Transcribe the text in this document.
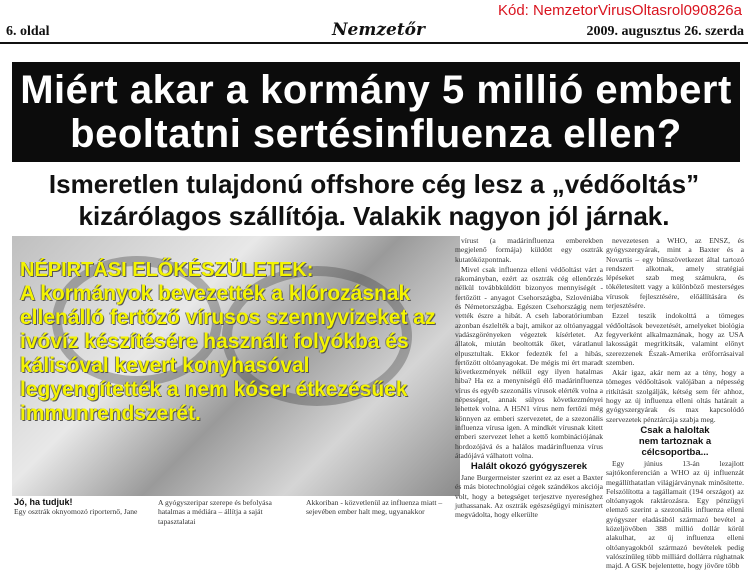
6. oldal	Nemzetőr	2009. augusztus 26. szerda
Kód: NemzetorVirusOltasrol090826a
Miért akar a kormány 5 millió embert
beoltatni sertésinfluenza ellen?
Ismeretlen tulajdonú offshore cég lesz a „védőoltás”
kizárólagos szállítója. Valakik nagyon jól járnak.
NÉPIRTÁSI ELŐKÉSZÜLETEK:
A kormányok bevezették a klórozásnak ellenálló fertőző vírusos szennyvizeket az ivóvíz készítésére használt folyókba és kálisóval kevert konyhasóval legyengítették a nem kóser étkezésűek immunrendszerét.

vírust (a madárinfluenza emberekben megjelenő formája) küldött egy osztrák kutatóközpontnak.

Mivel csak influenza elleni védőoltást várt a rakományban, ezért az osztrák cég ellenőrzés nélkül továbbküldött bizonyos mennyiségét - fertőzött - anyagot Csehországba, Szlovéniába és Németországba. Egészen Csehországig nem vették észre a hibát. A cseh laboratóriumban azonban észlelték a bajt, amikor az oltóanyaggal vadászgörényeken végeztek kísérletet. Az állatok, miután beoltották őket, váratlanul elpusztultak. Ekkor fedezték fel a hibás, fertőzött oltóanyagokat. De mégis mi ért maradt következmények nélkül egy ilyen hatalmas hiba? Ha ez a menyniségű élő madárinfluenza vírus és egyéb szezonális vírusok elérték volna a népességet, annak súlyos következményei lehettek volna. A H5N1 vírus nem fertőzi még könnyen az emberi szervezetet, de a szezonális influenza vírusa igen. A mindkét vírusnak kitett emberi szervezet lehet a kettő kombinációjának hordozójává és a halálos madárinfluenza vírus átadójává válhatott volna.

Halált okozó gyógyszerek

Jane Burgermeister szerint ez az eset a Baxter és más biotechnológiai cégek szándékos akciója volt, hogy a betegséget terjesztve nyereséghez juthassanak. Az osztrák egészségügyi minisztert megvádolta, hogy elkerülte

nevezetesen a WHO, az ENSZ, és gyógyszergyárak, mint a Baxter és a Novartis – egy bűnszövetkezet által tartozó rendszert alkotnak, amely stratégiai lépéseket szab meg számukra, és tökéletesített vagy a különböző mesterséges vírusok fejlesztésére, előállítására és terjesztésére.

Ezzel teszik indokolttá a tömeges védőoltások bevezetését, amelyeket biológia fegyverként alkalmaznának, hogy az USA lakosságát megritkítsák, valamint előnyt szerezzenek Észak-Amerika erőforrásaival szemben.

Akár igaz, akár nem az a tény, hogy a tömeges védőoltások valójában a népesség ritkítását szolgálják, kétség sem fér ahhoz, hogy az új influenza elleni oltás határait a gyógyszergyárak és max kapcsolódó szervezetek pénztárcája szabja meg.

Csak a haloltak
nem tartoznak a célcsoportba...

Egy június 13-án lezajlott sajtókonferencián a WHO az új influenzát megállíthatatlan világjárványnak minősítette. Felszólította a tagállamait (194 országot) az oltóanyagok raktározásra. Egy pénzügyi elemző szerint a szezonális influenza elleni gyógyszer eladásából származó bevétel a közeljövőben 388 millió dollár körül alakulhat, az új influenza elleni oltóanyagokból származó bevételek pedig valószínűleg több milliárd dollárra rúghatnak majd. A GSK bejelentette, hogy jövőre több

Jó, ha tudjuk!
Egy osztrák oknyomozó riporternő, Jane
A gyógyszeripar szerepe és befolyása hatalmas a médiára – állítja a saját tapasztalatai
Akkoriban - közvetlenül az influenza miatt – sejevében ember halt meg, ugyanakkor
